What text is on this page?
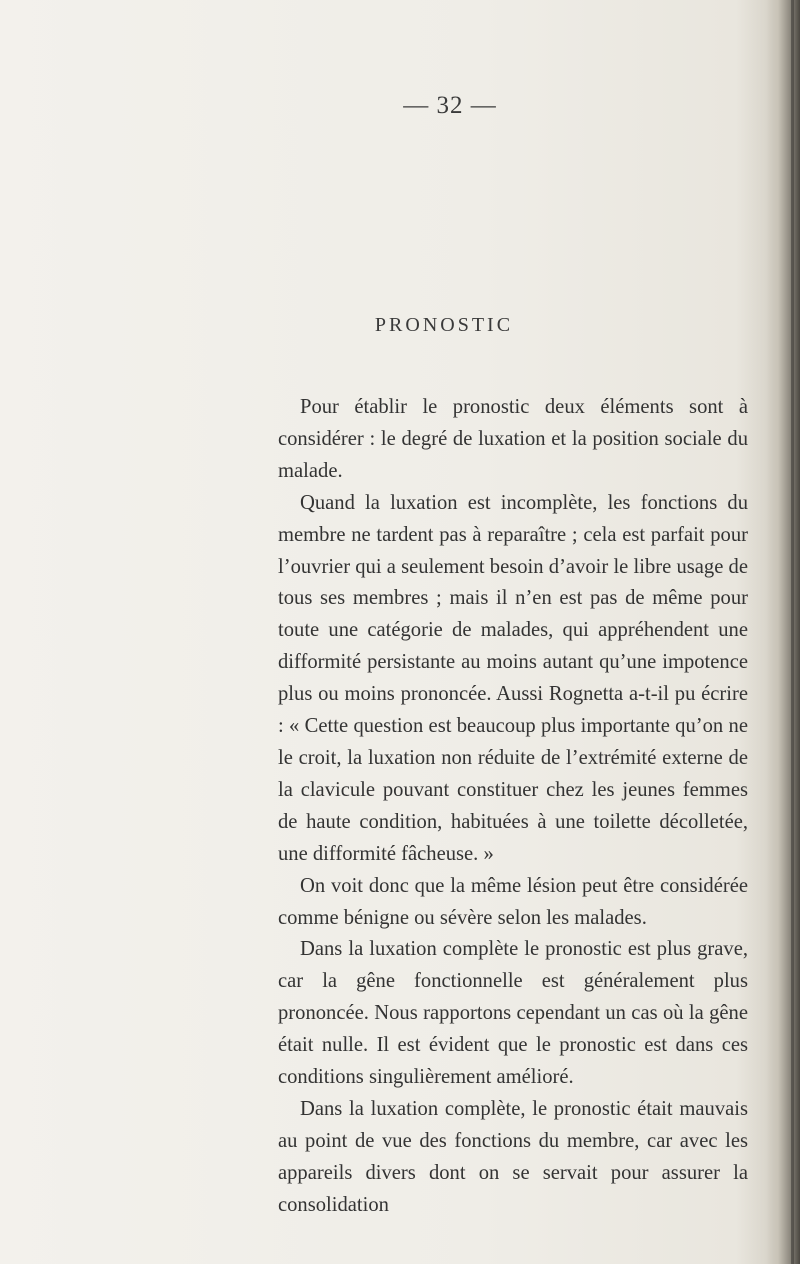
— 32 —
PRONOSTIC

Pour établir le pronostic deux éléments sont à considérer : le degré de luxation et la position sociale du malade.

Quand la luxation est incomplète, les fonctions du membre ne tardent pas à reparaître ; cela est parfait pour l’ouvrier qui a seulement besoin d’avoir le libre usage de tous ses membres ; mais il n’en est pas de même pour toute une catégorie de malades, qui appréhendent une difformité persistante au moins autant qu’une impotence plus ou moins prononcée. Aussi Rognetta a-t-il pu écrire : « Cette question est beaucoup plus importante qu’on ne le croit, la luxation non réduite de l’extrémité externe de la clavicule pouvant constituer chez les jeunes femmes de haute condition, habituées à une toilette décolletée, une difformité fâcheuse. »

On voit donc que la même lésion peut être considérée comme bénigne ou sévère selon les malades.

Dans la luxation complète le pronostic est plus grave, car la gêne fonctionnelle est généralement plus prononcée. Nous rapportons cependant un cas où la gêne était nulle. Il est évident que le pronostic est dans ces conditions singulièrement amélioré.

Dans la luxation complète, le pronostic était mauvais au point de vue des fonctions du membre, car avec les appareils divers dont on se servait pour assurer la consolidation
